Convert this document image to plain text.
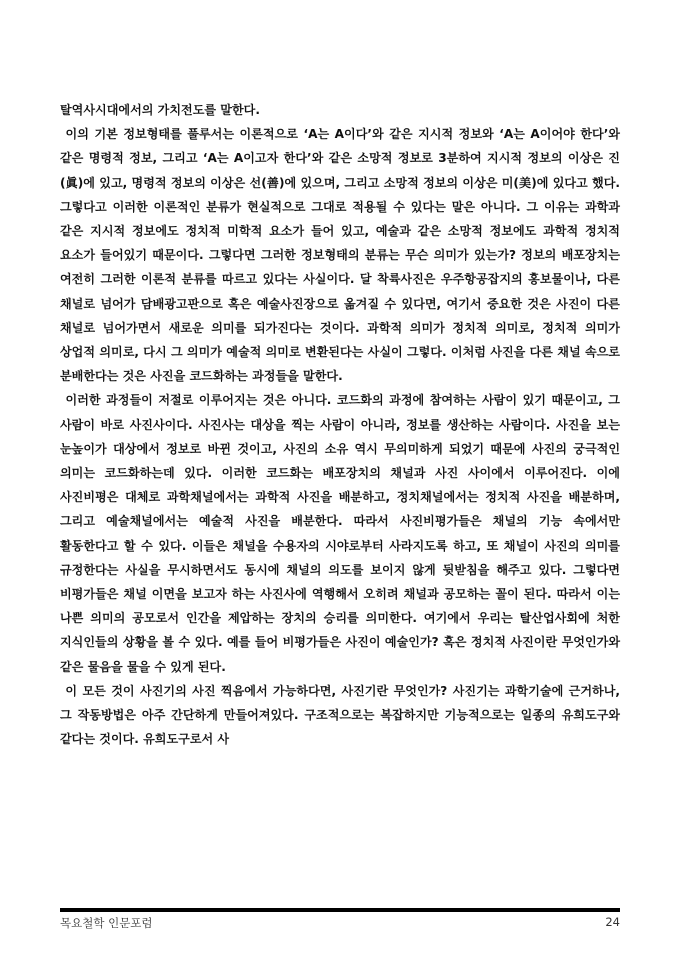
탈역사시대에서의 가치전도를 말한다.

이의 기본 정보형태를 풀루서는 이론적으로 ‘A는 A이다’와 같은 지시적 정보와 ‘A는 A이어야 한다’와 같은 명령적 정보, 그리고 ‘A는 A이고자 한다’와 같은 소망적 정보로 3분하여 지시적 정보의 이상은 진(眞)에 있고, 명령적 정보의 이상은 선(善)에 있으며, 그리고 소망적 정보의 이상은 미(美)에 있다고 했다. 그렇다고 이러한 이론적인 분류가 현실적으로 그대로 적용될 수 있다는 말은 아니다. 그 이유는 과학과 같은 지시적 정보에도 정치적 미학적 요소가 들어 있고, 예술과 같은 소망적 정보에도 과학적 정치적 요소가 들어있기 때문이다. 그렇다면 그러한 정보형태의 분류는 무슨 의미가 있는가? 정보의 배포장치는 여전히 그러한 이론적 분류를 따르고 있다는 사실이다. 달 착륙사진은 우주항공잡지의 홍보물이나, 다른 채널로 넘어가 담배광고판으로 혹은 예술사진장으로 옮겨질 수 있다면, 여기서 중요한 것은 사진이 다른 채널로 넘어가면서 새로운 의미를 되가진다는 것이다. 과학적 의미가 정치적 의미로, 정치적 의미가 상업적 의미로, 다시 그 의미가 예술적 의미로 변환된다는 사실이 그렇다. 이처럼 사진을 다른 채널 속으로 분배한다는 것은 사진을 코드화하는 과정들을 말한다.

이러한 과정들이 저절로 이루어지는 것은 아니다. 코드화의 과정에 참여하는 사람이 있기 때문이고, 그 사람이 바로 사진사이다. 사진사는 대상을 찍는 사람이 아니라, 정보를 생산하는 사람이다. 사진을 보는 눈높이가 대상에서 정보로 바뀐 것이고, 사진의 소유 역시 무의미하게 되었기 때문에 사진의 궁극적인 의미는 코드화하는데 있다. 이러한 코드화는 배포장치의 채널과 사진 사이에서 이루어진다. 이에 사진비평은 대체로 과학채널에서는 과학적 사진을 배분하고, 정치채널에서는 정치적 사진을 배분하며, 그리고 예술채널에서는 예술적 사진을 배분한다. 따라서 사진비평가들은 채널의 기능 속에서만 활동한다고 할 수 있다. 이들은 채널을 수용자의 시야로부터 사라지도록 하고, 또 채널이 사진의 의미를 규정한다는 사실을 무시하면서도 동시에 채널의 의도를 보이지 않게 뒷받침을 해주고 있다. 그렇다면 비평가들은 채널 이면을 보고자 하는 사진사에 역행해서 오히려 채널과 공모하는 꼴이 된다. 따라서 이는 나쁜 의미의 공모로서 인간을 제압하는 장치의 승리를 의미한다. 여기에서 우리는 탈산업사회에 처한 지식인들의 상황을 볼 수 있다. 예를 들어 비평가들은 사진이 예술인가? 혹은 정치적 사진이란 무엇인가와 같은 물음을 물을 수 있게 된다.

이 모든 것이 사진기의 사진 찍음에서 가능하다면, 사진기란 무엇인가? 사진기는 과학기술에 근거하나, 그 작동방법은 아주 간단하게 만들어져있다. 구조적으로는 복잡하지만 기능적으로는 일종의 유희도구와 같다는 것이다. 유희도구로서 사

목요철학 인문포럼	24
